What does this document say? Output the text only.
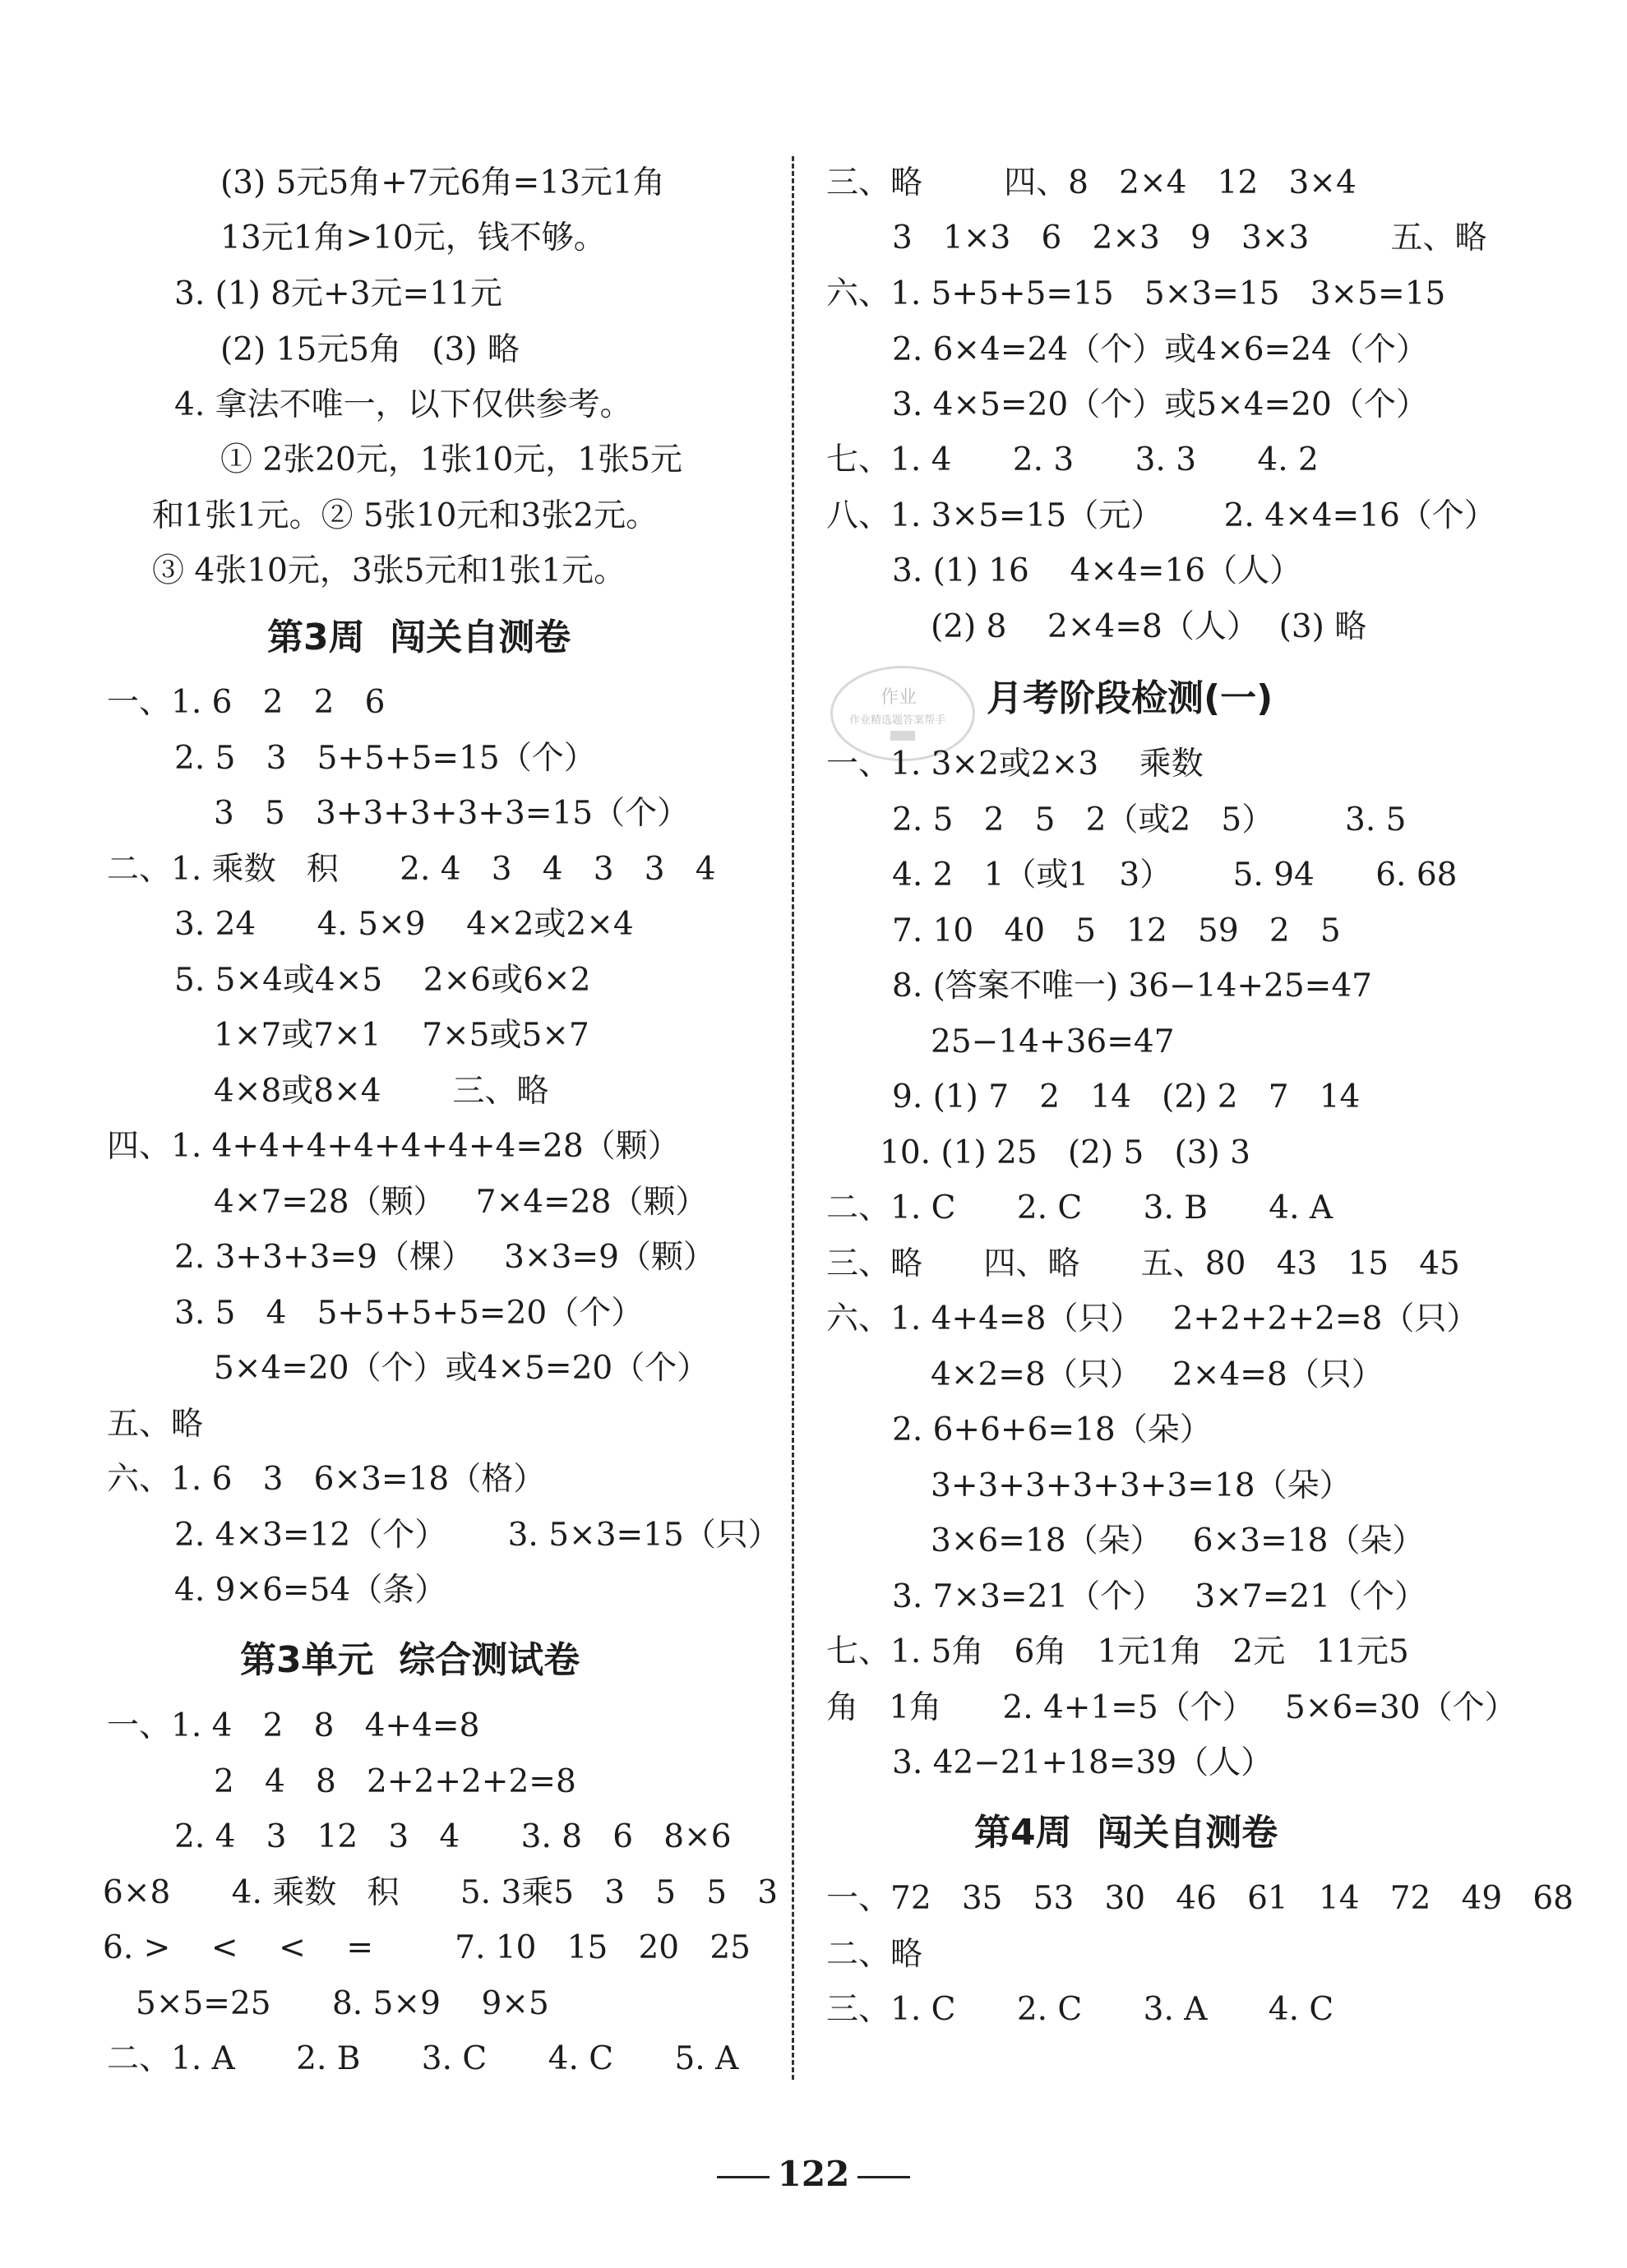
(3) 5元5角+7元6角=13元1角
13元1角>10元，钱不够。
3. (1) 8元+3元=11元
(2) 15元5角   (3) 略
4. 拿法不唯一，以下仅供参考。
① 2张20元，1张10元，1张5元
和1张1元。② 5张10元和3张2元。
③ 4张10元，3张5元和1张1元。
第3周  闯关自测卷
一、1. 6   2   2   6
2. 5   3   5+5+5=15（个）
3   5   3+3+3+3+3=15（个）
二、1. 乘数   积      2. 4   3   4   3   3   4
3. 24      4. 5×9    4×2或2×4
5. 5×4或4×5    2×6或6×2
1×7或7×1    7×5或5×7
4×8或8×4       三、略
四、1. 4+4+4+4+4+4+4=28（颗）
4×7=28（颗）   7×4=28（颗）
2. 3+3+3=9（棵）   3×3=9（颗）
3. 5   4   5+5+5+5=20（个）
5×4=20（个）或4×5=20（个）
五、略
六、1. 6   3   6×3=18（格）
2. 4×3=12（个）      3. 5×3=15（只）
4. 9×6=54（条）
第3单元  综合测试卷
一、1. 4   2   8   4+4=8
2   4   8   2+2+2+2=8
2. 4   3   12   3   4      3. 8   6   8×6
6×8      4. 乘数   积      5. 3乘5   3   5   5   3
6. >    <    <    =        7. 10   15   20   25
5×5=25      8. 5×9    9×5
二、1. A      2. B      3. C      4. C      5. A
三、略        四、8   2×4   12   3×4
3   1×3   6   2×3   9   3×3        五、略
六、1. 5+5+5=15   5×3=15   3×5=15
2. 6×4=24（个）或4×6=24（个）
3. 4×5=20（个）或5×4=20（个）
七、1. 4      2. 3      3. 3      4. 2
八、1. 3×5=15（元）      2. 4×4=16（个）
3. (1) 16    4×4=16（人）
(2) 8    2×4=8（人）  (3) 略
作业
作业精选题答案帮手
月考阶段检测(一)
一、1. 3×2或2×3    乘数
2. 5   2   5   2（或2   5）       3. 5
4. 2   1（或1   3）      5. 94      6. 68
7. 10   40   5   12   59   2   5
8. (答案不唯一) 36−14+25=47
25−14+36=47
9. (1) 7   2   14   (2) 2   7   14
10. (1) 25   (2) 5   (3) 3
二、1. C      2. C      3. B      4. A
三、略      四、略      五、80   43   15   45
六、1. 4+4=8（只）   2+2+2+2=8（只）
4×2=8（只）   2×4=8（只）
2. 6+6+6=18（朵）
3+3+3+3+3+3=18（朵）
3×6=18（朵）   6×3=18（朵）
3. 7×3=21（个）   3×7=21（个）
七、1. 5角   6角   1元1角   2元   11元5
角   1角      2. 4+1=5（个）   5×6=30（个）
3. 42−21+18=39（人）
第4周  闯关自测卷
一、72   35   53   30   46   61   14   72   49   68
二、略
三、1. C      2. C      3. A      4. C
122
